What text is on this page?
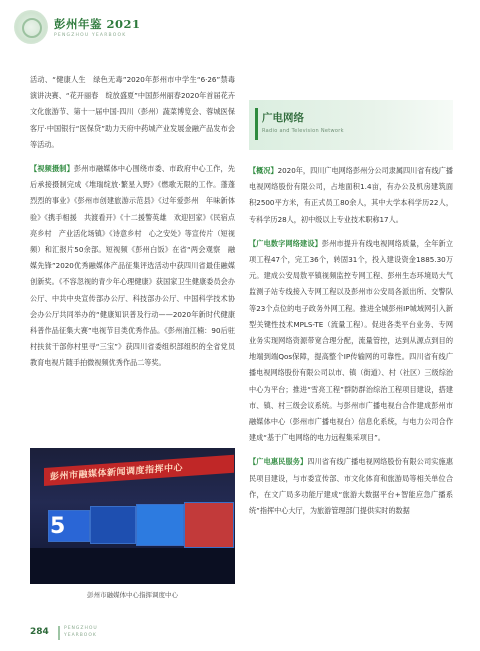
彭州年鉴 2021
PENGZHOU YEARBOOK

活动、“健康人生　绿色无毒”2020年彭州市中学生“6·26”禁毒演讲决赛、“花开丽春　绽放盛夏”中国彭州丽春2020年首届花卉文化旅游节、第十一届中国·四川（彭州）蔬菜博览会、蓉城医保客厅·中国银行“医保贷”助力天府中药城产业发展金融产品发布会等活动。

【视频摄制】彭州市融媒体中心围绕市委、市政府中心工作，先后承接摄制完成《堆瑞绽放·繁星入野》《燃歌无限的工作。蓬蓬烈烈的事业》《彭州市创建旅游示范县》《过年爱彭州　年味新体验》《携手相援　共渡看开》《十二援警英雄　欢迎回家》《民宿点亮乡村　产业活化场镇》《诗意乡村　心之安处》等宣传片（短视频）和汇报片50余部。短视频《彭州白饭》在省“两会观察　融媒先锋”2020优秀融媒体产品征集评选活动中获四川省最佳融媒创新奖。《不容忽视的青少年心理健康》获国家卫生健康委员会办公厅、中共中央宣传部办公厅、科技部办公厅、中国科学技术协会办公厅共同举办的“健康知识普及行动——2020年新时代健康科普作品征集大赛”电视节目类优秀作品。《彭州油江楠：90后驻村扶贫干部你村里寻“三宝”》获四川省委组织部组织的全省党员教育电视片随手拍微视频优秀作品二等奖。

广电网络
Radio and Television Network

【概况】2020年，四川广电网络彭州分公司隶属四川省有线广播电视网络股份有限公司，占地面积1.4亩，有办公及机房建筑面积2500平方米，有正式员工80余人，其中大学本科学历22人，专科学历28人，初中级以上专业技术职称17人。

【广电数字网络建设】彭州市提升有线电视网络质量，全年新立项工程47个，完工36个，转固31个，投入建设资金1885.30万元。建成公安局敖平镇视频监控专网工程、彭州生态环境局大气监测子站专线接入专网工程以及彭州市公安局各派出所、交警队等23个点位的电子政务外网工程。推进全城彭州IP城域网引入新型关键性技术MPLS-TE（流量工程）。促进各类平台业务、专网业务实现网络资源带宽合理分配，流量管控，达到从源点到目的地端到端Qos保障，提高整个IP传输网的可靠性。四川省有线广播电视网络股份有限公司以市、镇（街道）、村（社区）三级综治中心为平台；推进“雪亮工程”群防群治综治工程项目建设，搭建市、镇、村三级会议系统。与彭州市广播电视台合作建成彭州市融媒体中心（彭州市广播电视台）信息化系统，与电力公司合作建成“基于广电网络的电力远程集采项目”。

【广电惠民服务】四川省有线广播电视网络股份有限公司实施惠民项目建设，与市委宣传部、市文化体育和旅游局等相关单位合作，在文广局多功能厅建成“旅游大数据平台+智能应急广播系统”指挥中心大厅，为旅游管理部门提供实时的数据

彭州市融媒体新闻调度指挥中心
5
彭州市融媒体中心指挥调度中心
284	PENGZHOU
YEARBOOK
